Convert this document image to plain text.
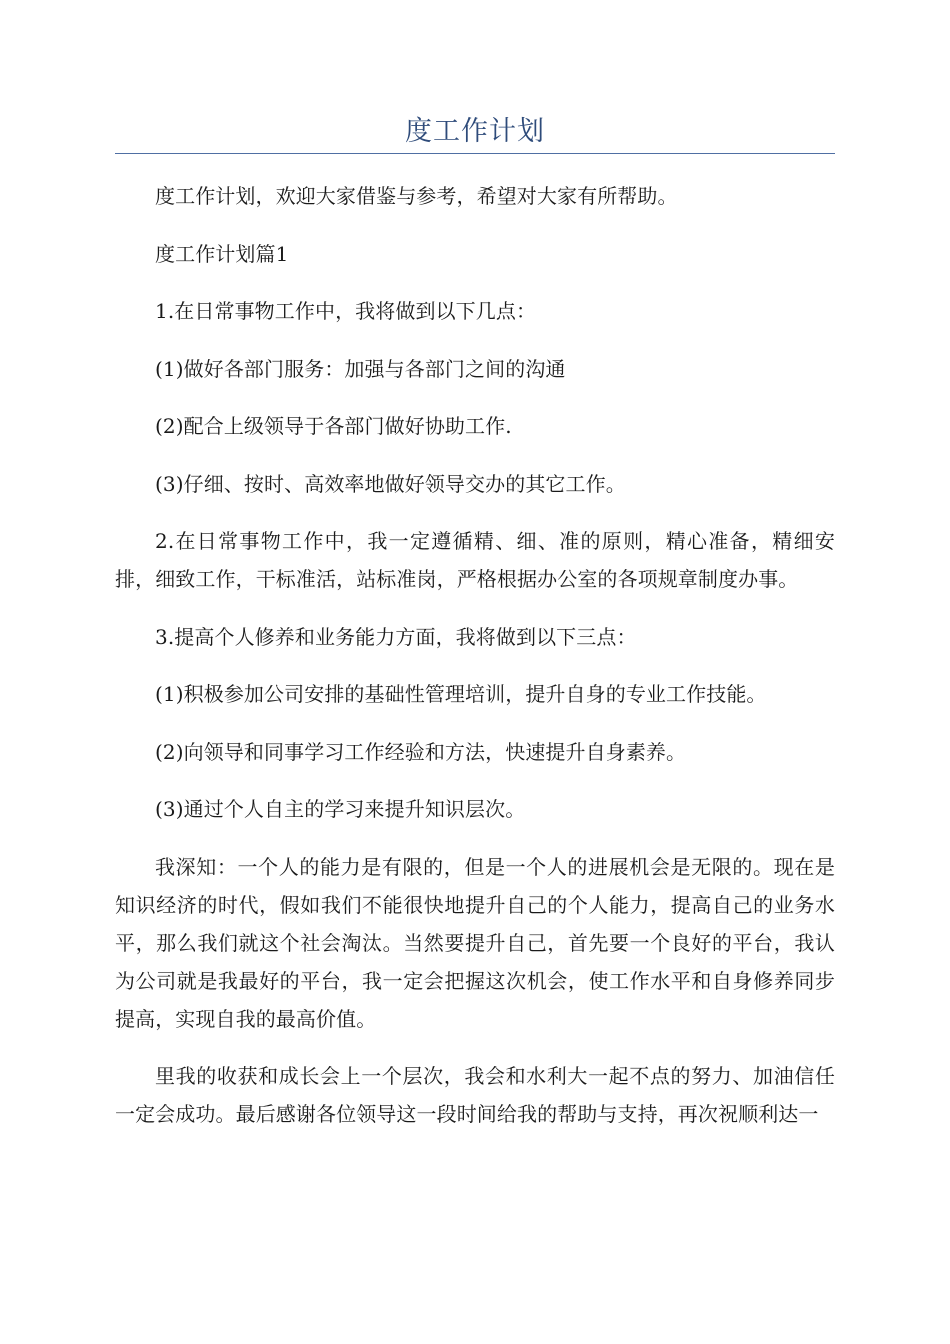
度工作计划

度工作计划，欢迎大家借鉴与参考，希望对大家有所帮助。

度工作计划篇1

1.在日常事物工作中，我将做到以下几点：

(1)做好各部门服务：加强与各部门之间的沟通

(2)配合上级领导于各部门做好协助工作.

(3)仔细、按时、高效率地做好领导交办的其它工作。

2.在日常事物工作中，我一定遵循精、细、准的原则，精心准备，精细安排，细致工作，干标准活，站标准岗，严格根据办公室的各项规章制度办事。

3.提高个人修养和业务能力方面，我将做到以下三点：

(1)积极参加公司安排的基础性管理培训，提升自身的专业工作技能。

(2)向领导和同事学习工作经验和方法，快速提升自身素养。

(3)通过个人自主的学习来提升知识层次。

我深知：一个人的能力是有限的，但是一个人的进展机会是无限的。现在是知识经济的时代，假如我们不能很快地提升自己的个人能力，提高自己的业务水平，那么我们就这个社会淘汰。当然要提升自己，首先要一个良好的平台，我认为公司就是我最好的平台，我一定会把握这次机会，使工作水平和自身修养同步提高，实现自我的最高价值。

里我的收获和成长会上一个层次，我会和水利大一起不点的努力、加油信任一定会成功。最后感谢各位领导这一段时间给我的帮助与支持，再次祝顺利达一
